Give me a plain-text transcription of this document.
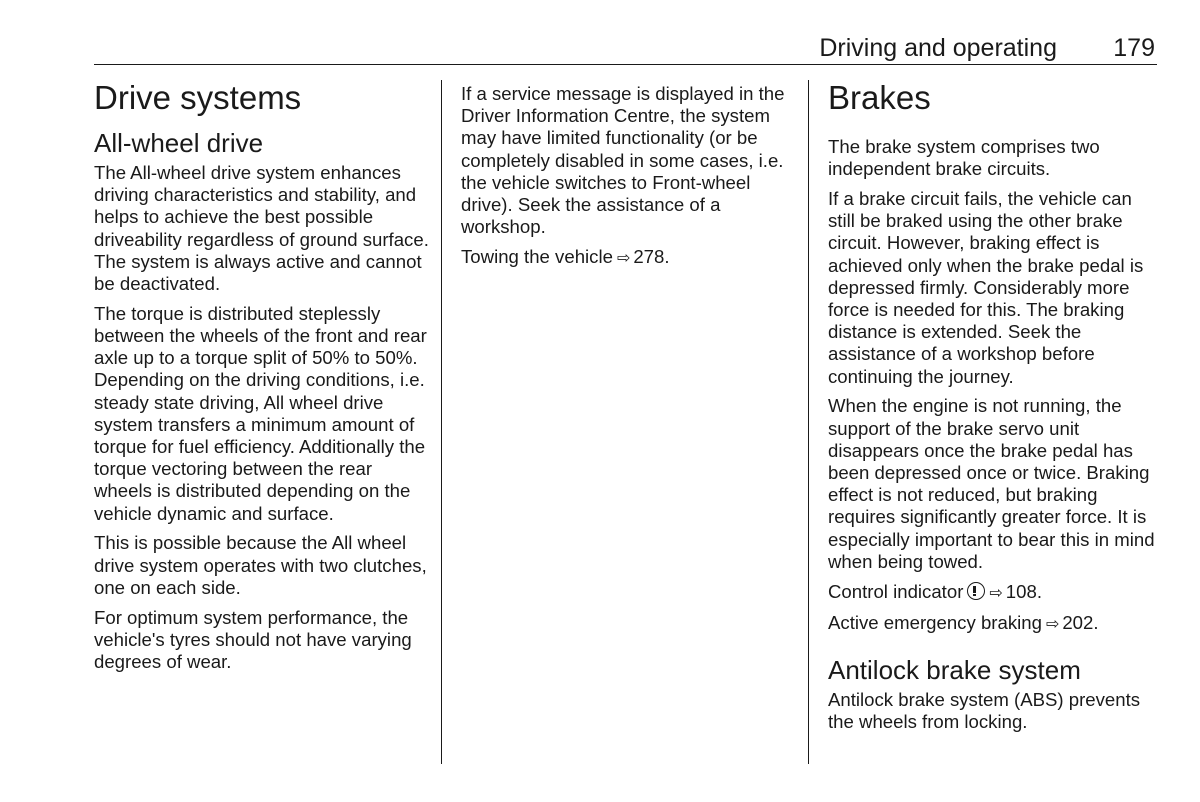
Driving and operating 179
Drive systems
All-wheel drive

The All-wheel drive system enhances driving characteristics and stability, and helps to achieve the best possible driveability regardless of ground surface. The system is always active and cannot be deactivated.

The torque is distributed steplessly between the wheels of the front and rear axle up to a torque split of 50% to 50%. Depending on the driving conditions, i.e. steady state driving, All wheel drive system transfers a minimum amount of torque for fuel efficiency. Additionally the torque vectoring between the rear wheels is distributed depending on the vehicle dynamic and surface.

This is possible because the All wheel drive system operates with two clutches, one on each side.

For optimum system performance, the vehicle's tyres should not have varying degrees of wear.

If a service message is displayed in the Driver Information Centre, the system may have limited functionality (or be completely disabled in some cases, i.e. the vehicle switches to Front-wheel drive). Seek the assistance of a workshop.

Towing the vehicle ⇨ 278.

Brakes

The brake system comprises two independent brake circuits.

If a brake circuit fails, the vehicle can still be braked using the other brake circuit. However, braking effect is achieved only when the brake pedal is depressed firmly. Considerably more force is needed for this. The braking distance is extended. Seek the assistance of a workshop before continuing the journey.

When the engine is not running, the support of the brake servo unit disappears once the brake pedal has been depressed once or twice. Braking effect is not reduced, but braking requires significantly greater force. It is especially important to bear this in mind when being towed.

Control indicator ⇨ 108.

Active emergency braking ⇨ 202.

Antilock brake system

Antilock brake system (ABS) prevents the wheels from locking.
